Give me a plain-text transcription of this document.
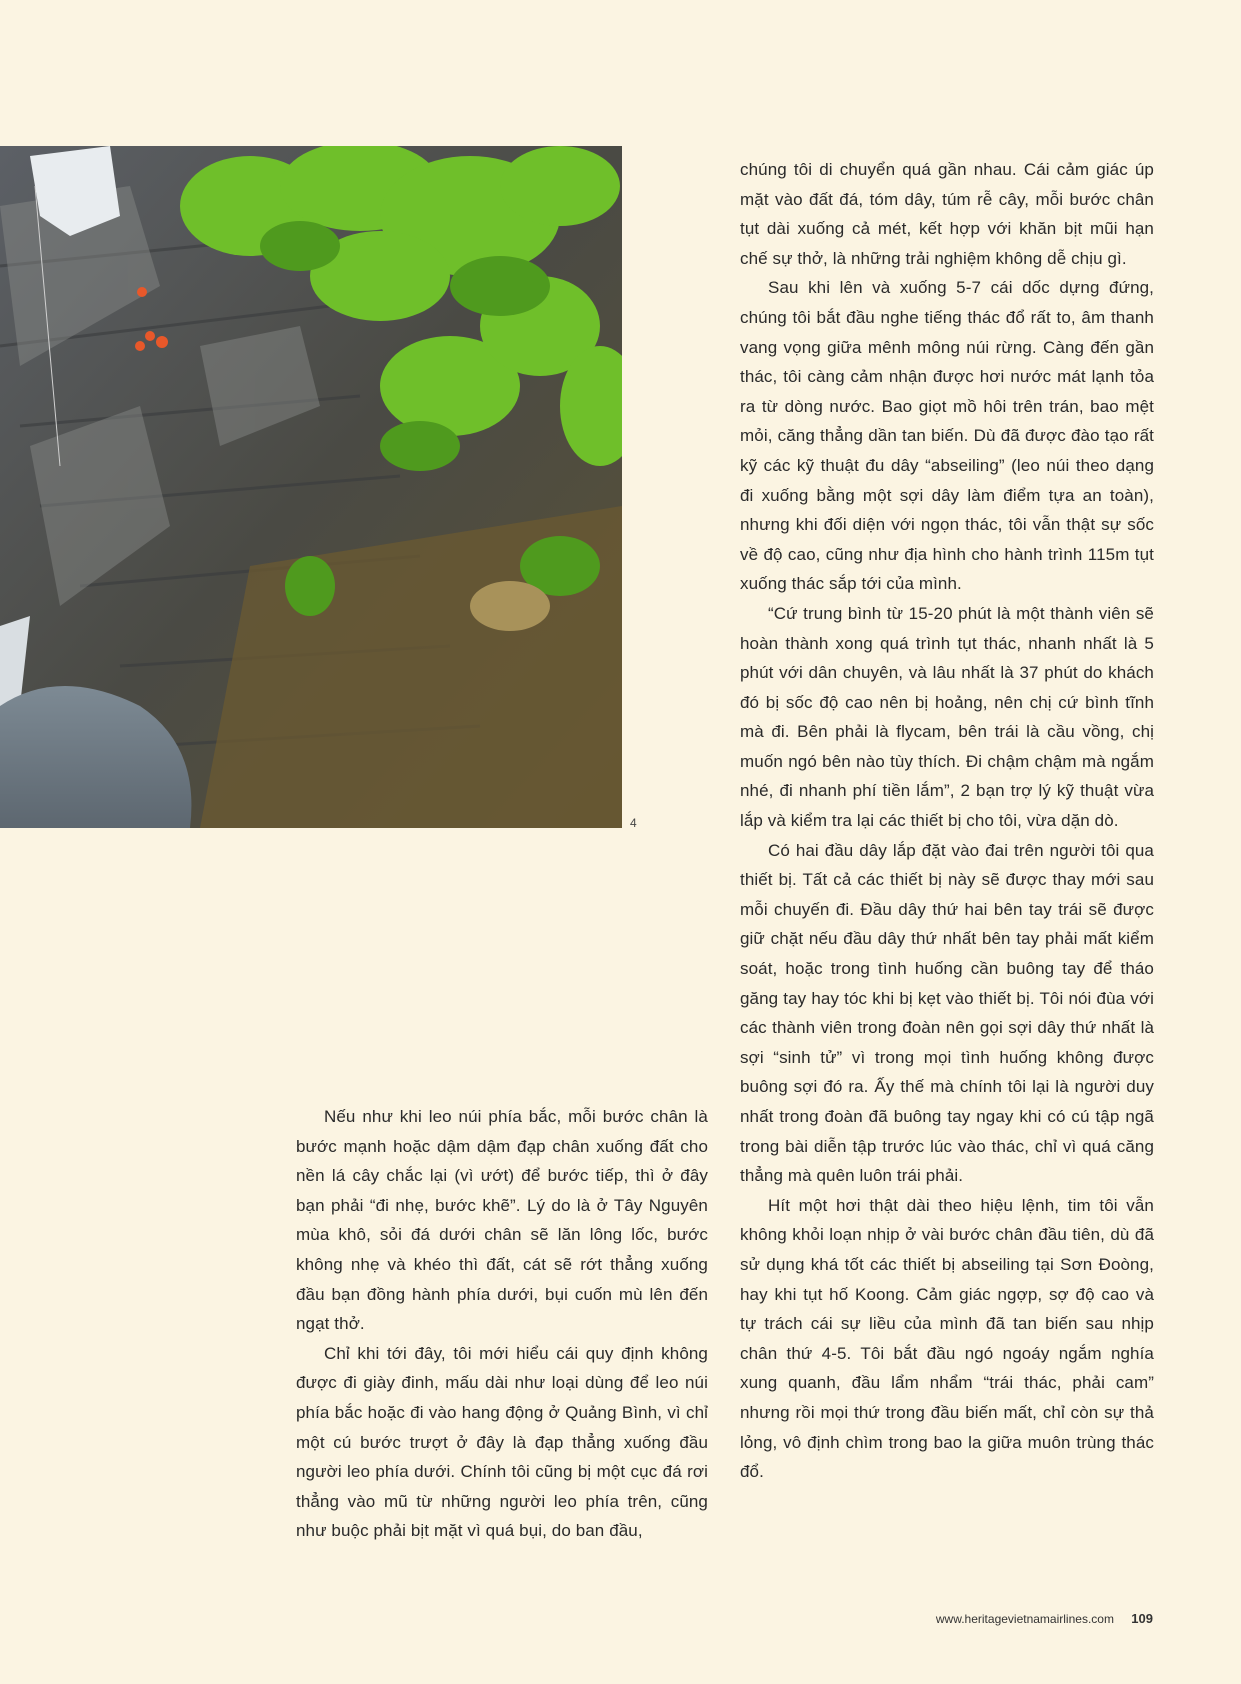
4

Nếu như khi leo núi phía bắc, mỗi bước chân là bước mạnh hoặc dậm dậm đạp chân xuống đất cho nền lá cây chắc lại (vì ướt) để bước tiếp, thì ở đây bạn phải “đi nhẹ, bước khẽ”. Lý do là ở Tây Nguyên mùa khô, sỏi đá dưới chân sẽ lăn lông lốc, bước không nhẹ và khéo thì đất, cát sẽ rớt thẳng xuống đầu bạn đồng hành phía dưới, bụi cuốn mù lên đến ngạt thở.

Chỉ khi tới đây, tôi mới hiểu cái quy định không được đi giày đinh, mấu dài như loại dùng để leo núi phía bắc hoặc đi vào hang động ở Quảng Bình, vì chỉ một cú bước trượt ở đây là đạp thẳng xuống đầu người leo phía dưới. Chính tôi cũng bị một cục đá rơi thẳng vào mũ từ những người leo phía trên, cũng như buộc phải bịt mặt vì quá bụi, do ban đầu,

chúng tôi di chuyển quá gần nhau. Cái cảm giác úp mặt vào đất đá, tóm dây, túm rễ cây, mỗi bước chân tụt dài xuống cả mét, kết hợp với khăn bịt mũi hạn chế sự thở, là những trải nghiệm không dễ chịu gì.

Sau khi lên và xuống 5-7 cái dốc dựng đứng, chúng tôi bắt đầu nghe tiếng thác đổ rất to, âm thanh vang vọng giữa mênh mông núi rừng. Càng đến gần thác, tôi càng cảm nhận được hơi nước mát lạnh tỏa ra từ dòng nước. Bao giọt mồ hôi trên trán, bao mệt mỏi, căng thẳng dần tan biến. Dù đã được đào tạo rất kỹ các kỹ thuật đu dây “abseiling” (leo núi theo dạng đi xuống bằng một sợi dây làm điểm tựa an toàn), nhưng khi đối diện với ngọn thác, tôi vẫn thật sự sốc về độ cao, cũng như địa hình cho hành trình 115m tụt xuống thác sắp tới của mình.

“Cứ trung bình từ 15-20 phút là một thành viên sẽ hoàn thành xong quá trình tụt thác, nhanh nhất là 5 phút với dân chuyên, và lâu nhất là 37 phút do khách đó bị sốc độ cao nên bị hoảng, nên chị cứ bình tĩnh mà đi. Bên phải là flycam, bên trái là cầu vồng, chị muốn ngó bên nào tùy thích. Đi chậm chậm mà ngắm nhé, đi nhanh phí tiền lắm”, 2 bạn trợ lý kỹ thuật vừa lắp và kiểm tra lại các thiết bị cho tôi, vừa dặn dò.

Có hai đầu dây lắp đặt vào đai trên người tôi qua thiết bị. Tất cả các thiết bị này sẽ được thay mới sau mỗi chuyến đi. Đầu dây thứ hai bên tay trái sẽ được giữ chặt nếu đầu dây thứ nhất bên tay phải mất kiểm soát, hoặc trong tình huống cần buông tay để tháo găng tay hay tóc khi bị kẹt vào thiết bị. Tôi nói đùa với các thành viên trong đoàn nên gọi sợi dây thứ nhất là sợi “sinh tử” vì trong mọi tình huống không được buông sợi đó ra. Ấy thế mà chính tôi lại là người duy nhất trong đoàn đã buông tay ngay khi có cú tập ngã trong bài diễn tập trước lúc vào thác, chỉ vì quá căng thẳng mà quên luôn trái phải.

Hít một hơi thật dài theo hiệu lệnh, tim tôi vẫn không khỏi loạn nhịp ở vài bước chân đầu tiên, dù đã sử dụng khá tốt các thiết bị abseiling tại Sơn Đoòng, hay khi tụt hố Koong. Cảm giác ngợp, sợ độ cao và tự trách cái sự liều của mình đã tan biến sau nhịp chân thứ 4-5. Tôi bắt đầu ngó ngoáy ngắm nghía xung quanh, đầu lẩm nhẩm “trái thác, phải cam” nhưng rồi mọi thứ trong đầu biến mất, chỉ còn sự thả lỏng, vô định chìm trong bao la giữa muôn trùng thác đổ.

www.heritagevietnamairlines.com 109
